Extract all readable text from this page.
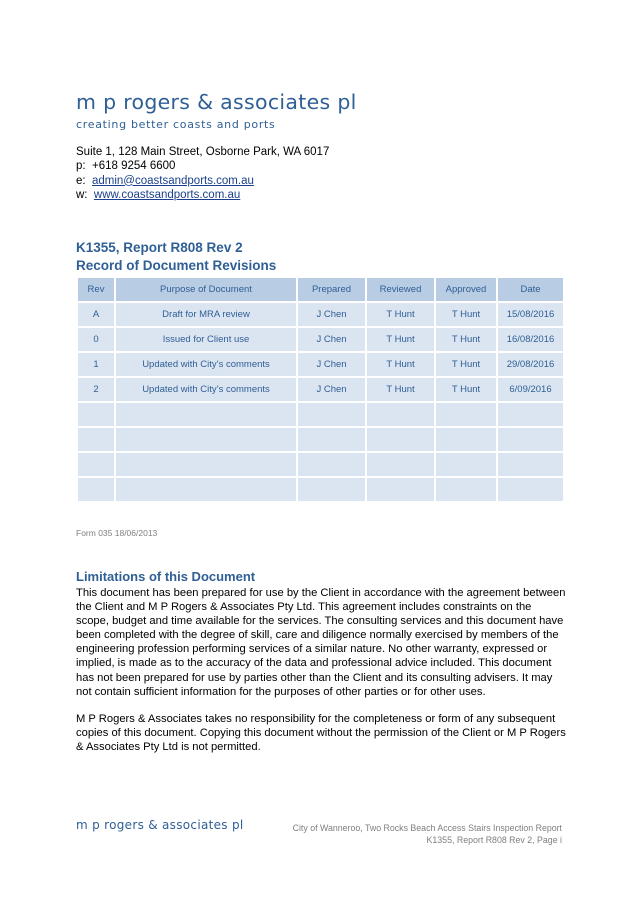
m p rogers & associates pl
creating better coasts and ports
Suite 1, 128 Main Street, Osborne Park, WA 6017
p: +618 9254 6600
e: admin@coastsandports.com.au
w: www.coastsandports.com.au
K1355, Report R808 Rev 2
Record of Document Revisions
Rev	Purpose of Document	Prepared	Reviewed	Approved	Date
A	Draft for MRA review	J Chen	T Hunt	T Hunt	15/08/2016
0	Issued for Client use	J Chen	T Hunt	T Hunt	16/08/2016
1	Updated with City’s comments	J Chen	T Hunt	T Hunt	29/08/2016
2	Updated with City’s comments	J Chen	T Hunt	T Hunt	6/09/2016

Form 035 18/06/2013
Limitations of this Document

This document has been prepared for use by the Client in accordance with the agreement between the Client and M P Rogers & Associates Pty Ltd. This agreement includes constraints on the scope, budget and time available for the services. The consulting services and this document have been completed with the degree of skill, care and diligence normally exercised by members of the engineering profession performing services of a similar nature. No other warranty, expressed or implied, is made as to the accuracy of the data and professional advice included. This document has not been prepared for use by parties other than the Client and its consulting advisers. It may not contain sufficient information for the purposes of other parties or for other uses.

M P Rogers & Associates takes no responsibility for the completeness or form of any subsequent copies of this document. Copying this document without the permission of the Client or M P Rogers & Associates Pty Ltd is not permitted.

m p rogers & associates pl	City of Wanneroo, Two Rocks Beach Access Stairs Inspection Report
K1355, Report R808 Rev 2, Page i
